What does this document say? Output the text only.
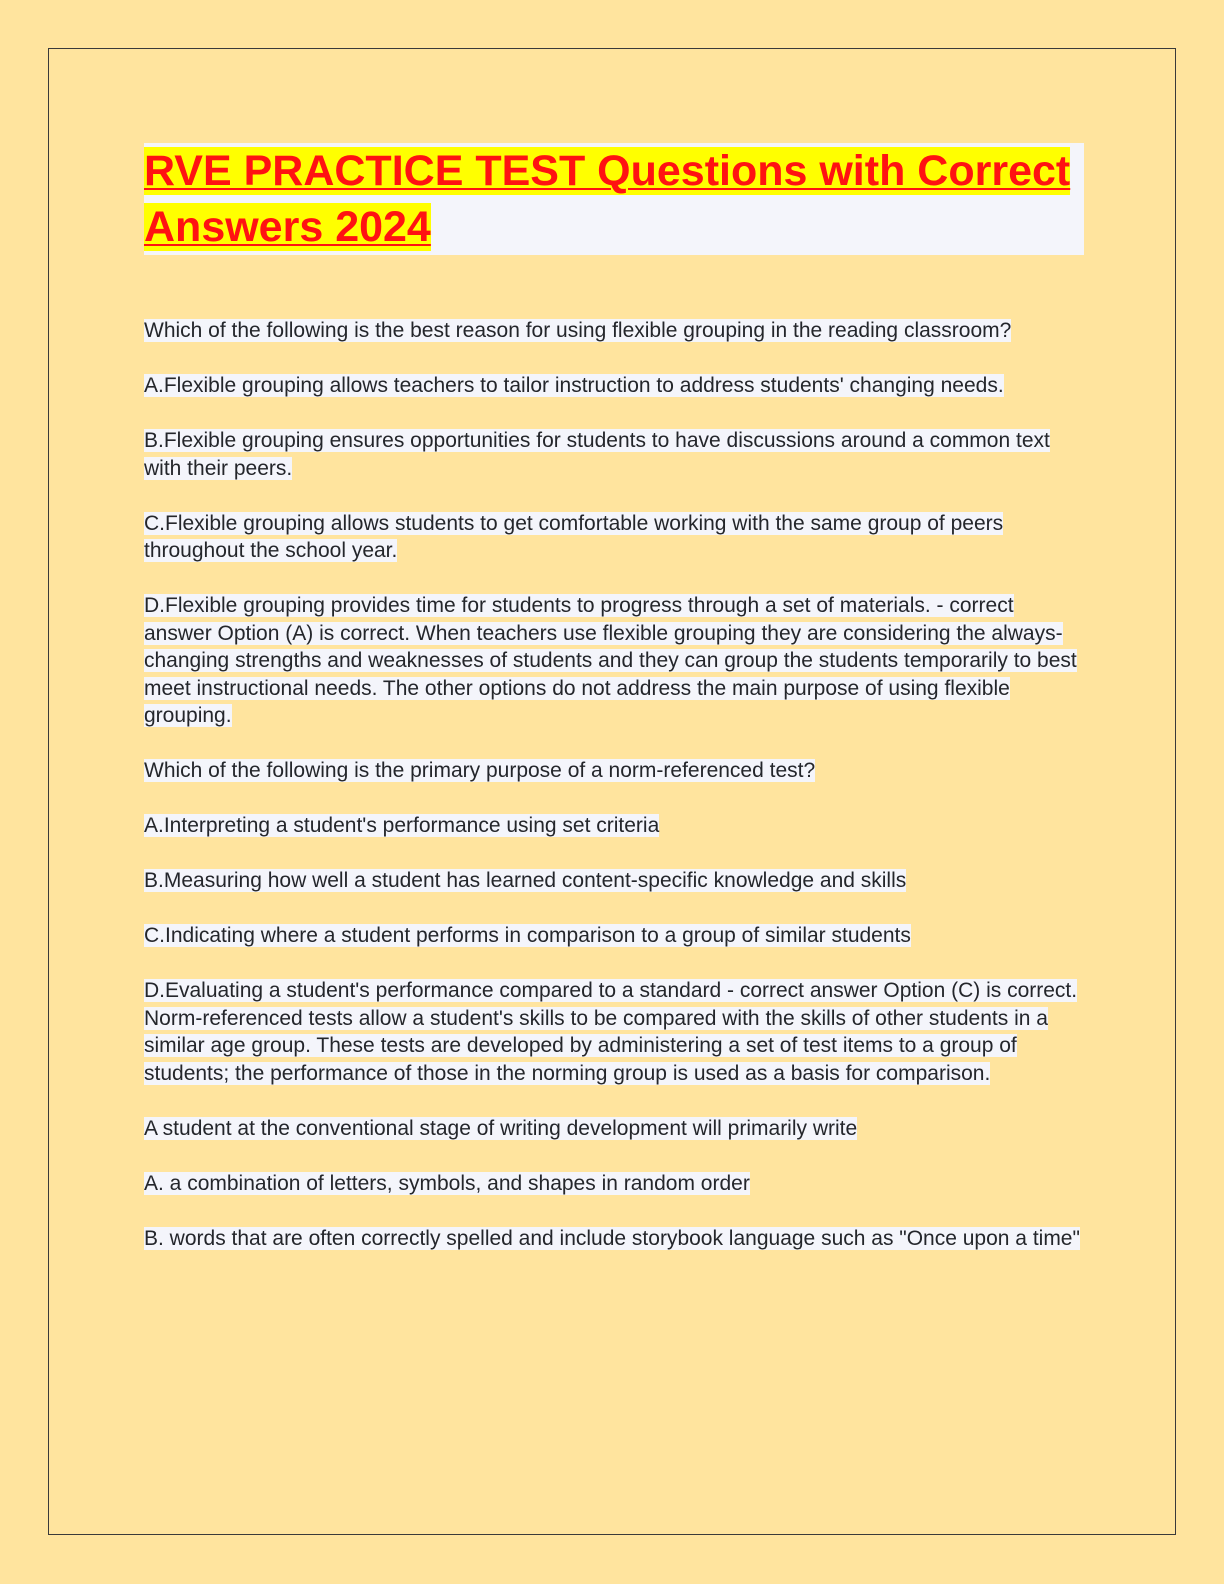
RVE PRACTICE TEST Questions with Correct Answers 2024

Which of the following is the best reason for using flexible grouping in the reading classroom?

A.Flexible grouping allows teachers to tailor instruction to address students' changing needs.

B.Flexible grouping ensures opportunities for students to have discussions around a common text with their peers.

C.Flexible grouping allows students to get comfortable working with the same group of peers throughout the school year.

D.Flexible grouping provides time for students to progress through a set of materials. - correct answer Option (A) is correct. When teachers use flexible grouping they are considering the always-changing strengths and weaknesses of students and they can group the students temporarily to best meet instructional needs. The other options do not address the main purpose of using flexible grouping.

Which of the following is the primary purpose of a norm-referenced test?

A.Interpreting a student's performance using set criteria

B.Measuring how well a student has learned content-specific knowledge and skills

C.Indicating where a student performs in comparison to a group of similar students

D.Evaluating a student's performance compared to a standard - correct answer Option (C) is correct. Norm-referenced tests allow a student's skills to be compared with the skills of other students in a similar age group. These tests are developed by administering a set of test items to a group of students; the performance of those in the norming group is used as a basis for comparison.

A student at the conventional stage of writing development will primarily write

A. a combination of letters, symbols, and shapes in random order

B. words that are often correctly spelled and include storybook language such as "Once upon a time"
